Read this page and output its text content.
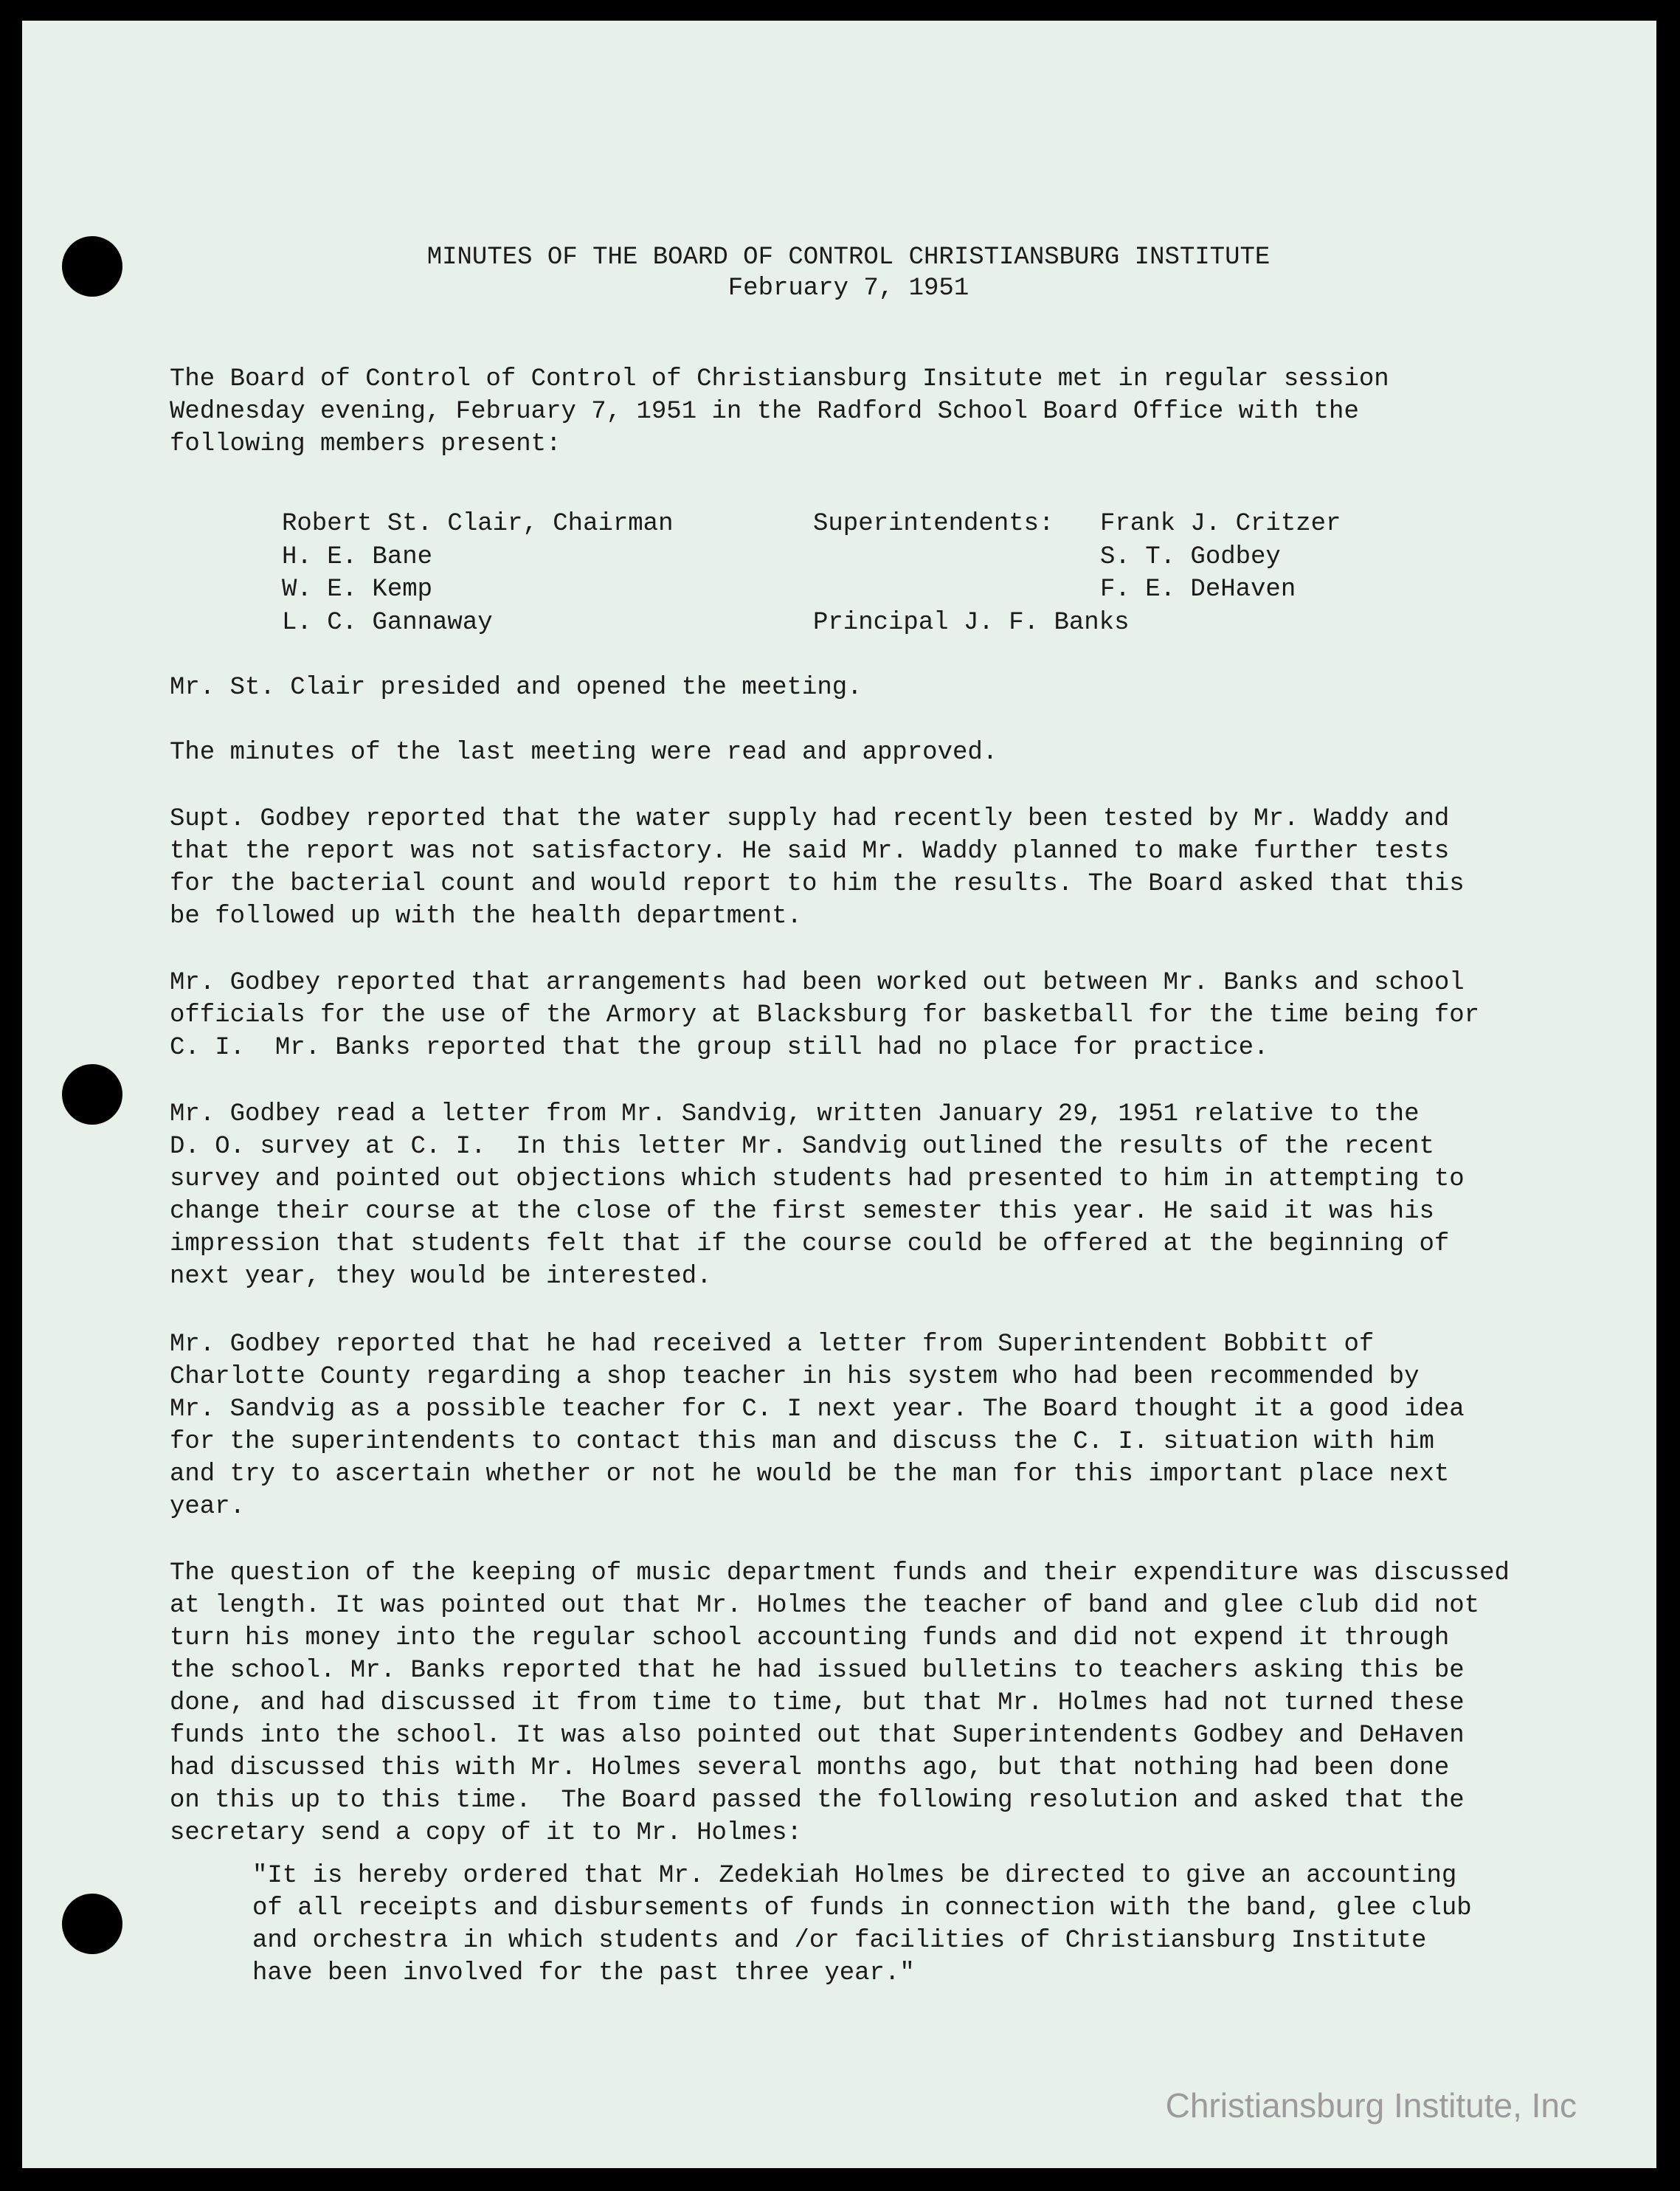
MINUTES OF THE BOARD OF CONTROL CHRISTIANSBURG INSTITUTE
February 7, 1951
The Board of Control of Control of Christiansburg Insitute met in regular session
Wednesday evening, February 7, 1951 in the Radford School Board Office with the
following members present:
Robert St. Clair, Chairman
H. E. Bane
W. E. Kemp
L. C. Gannaway
Superintendents: Frank J. Critzer
S. T. Godbey
F. E. DeHaven
Principal J. F. Banks
Mr. St. Clair presided and opened the meeting.
The minutes of the last meeting were read and approved.
Supt. Godbey reported that the water supply had recently been tested by Mr. Waddy and
that the report was not satisfactory. He said Mr. Waddy planned to make further tests
for the bacterial count and would report to him the results. The Board asked that this
be followed up with the health department.
Mr. Godbey reported that arrangements had been worked out between Mr. Banks and school
officials for the use of the Armory at Blacksburg for basketball for the time being for
C. I.  Mr. Banks reported that the group still had no place for practice.
Mr. Godbey read a letter from Mr. Sandvig, written January 29, 1951 relative to the
D. O. survey at C. I.  In this letter Mr. Sandvig outlined the results of the recent
survey and pointed out objections which students had presented to him in attempting to
change their course at the close of the first semester this year. He said it was his
impression that students felt that if the course could be offered at the beginning of
next year, they would be interested.
Mr. Godbey reported that he had received a letter from Superintendent Bobbitt of
Charlotte County regarding a shop teacher in his system who had been recommended by
Mr. Sandvig as a possible teacher for C. I next year. The Board thought it a good idea
for the superintendents to contact this man and discuss the C. I. situation with him
and try to ascertain whether or not he would be the man for this important place next
year.
The question of the keeping of music department funds and their expenditure was discussed
at length. It was pointed out that Mr. Holmes the teacher of band and glee club did not
turn his money into the regular school accounting funds and did not expend it through
the school. Mr. Banks reported that he had issued bulletins to teachers asking this be
done, and had discussed it from time to time, but that Mr. Holmes had not turned these
funds into the school. It was also pointed out that Superintendents Godbey and DeHaven
had discussed this with Mr. Holmes several months ago, but that nothing had been done
on this up to this time.  The Board passed the following resolution and asked that the
secretary send a copy of it to Mr. Holmes:
"It is hereby ordered that Mr. Zedekiah Holmes be directed to give an accounting
of all receipts and disbursements of funds in connection with the band, glee club
and orchestra in which students and /or facilities of Christiansburg Institute
have been involved for the past three year."
Christiansburg Institute, Inc
